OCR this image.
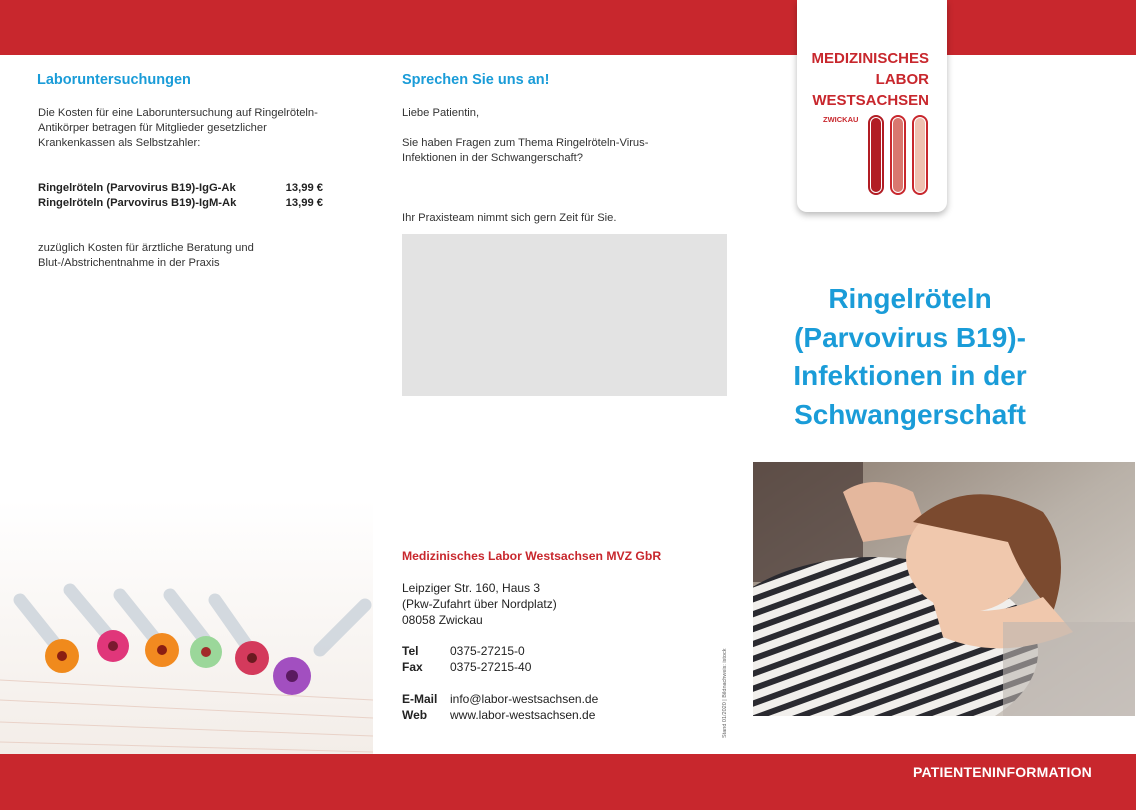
Laboruntersuchungen

Die Kosten für eine Laboruntersuchung auf Ringelröteln-Antikörper betragen für Mitglieder gesetzlicher Krankenkassen als Selbstzahler:

Ringelröteln (Parvovirus B19)-IgG-Ak	13,99 €
Ringelröteln (Parvovirus B19)-IgM-Ak	13,99 €

zuzüglich Kosten für ärztliche Beratung und Blut-/Abstrichentnahme in der Praxis

Sprechen Sie uns an!

Liebe Patientin,

Sie haben Fragen zum Thema Ringelröteln-Virus-Infektionen in der Schwangerschaft?

Ihr Praxisteam nimmt sich gern Zeit für Sie.

Medizinisches Labor Westsachsen MVZ GbR
Leipziger Str. 160, Haus 3
(Pkw-Zufahrt über Nordplatz)
08058 Zwickau
Tel	0375-27215-0
Fax 0375-27215-40
E-Mail info@labor-westsachsen.de
Web www.labor-westsachsen.de	Stand 01/2020 | Bildnachweis: istock
MEDIZINISCHES
LABOR
WESTSACHSEN
ZWICKAU
Ringelröteln
(Parvovirus B19)-
Infektionen in der
Schwangerschaft
PATIENTENINFORMATION
